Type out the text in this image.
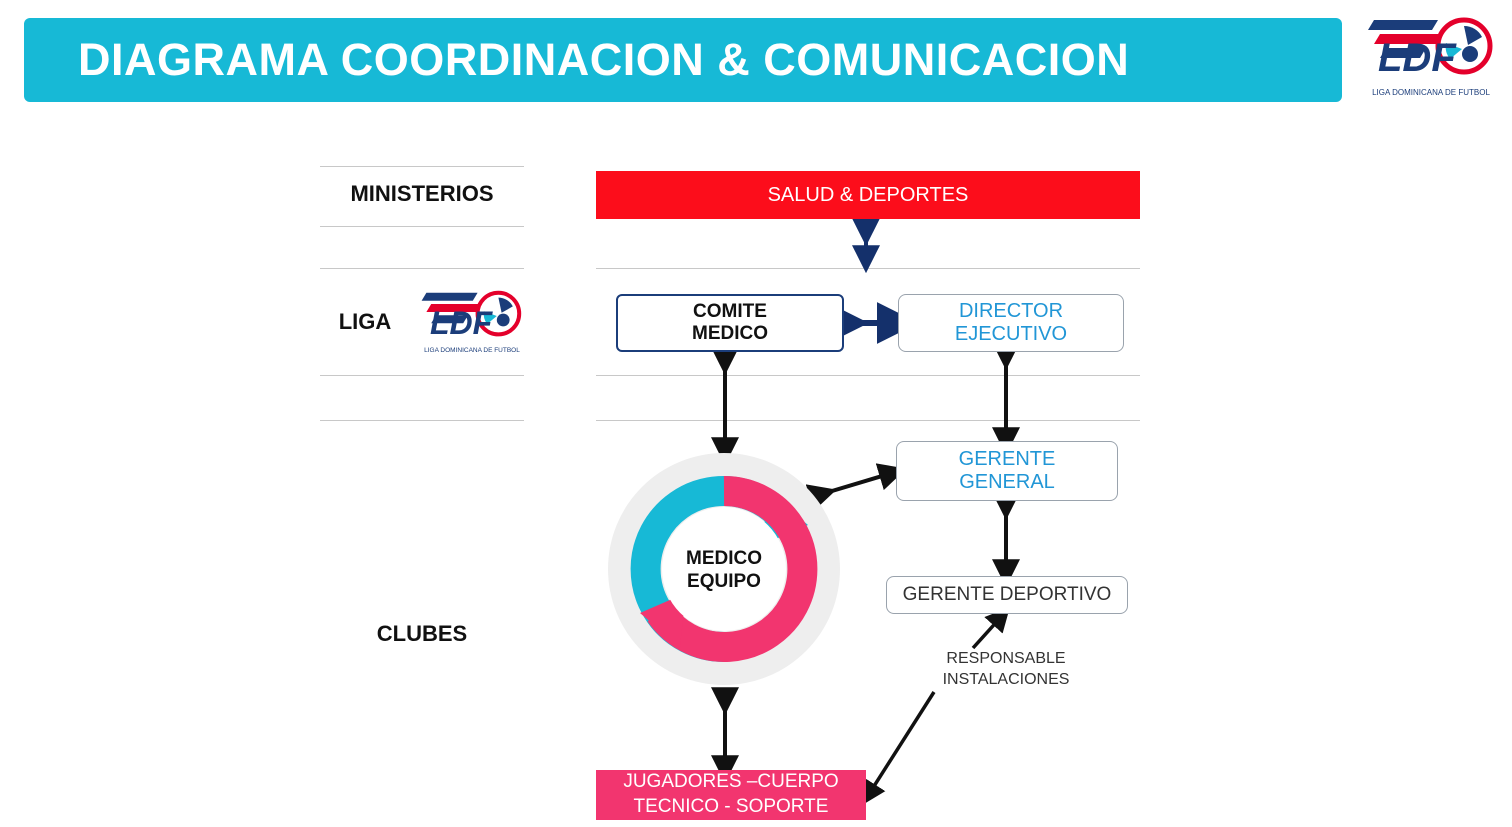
DIAGRAMA COORDINACION & COMUNICACION	LDF
LIGA DOMINICANA DE FUTBOL
MINISTERIOS
LIGA
CLUBES
LDF
LIGA DOMINICANA DE FUTBOL
SALUD & DEPORTES
COMITE
MEDICO
DIRECTOR
EJECUTIVO
GERENTE
GENERAL
GERENTE DEPORTIVO
RESPONSABLE
INSTALACIONES
JUGADORES –CUERPO
TECNICO - SOPORTE
MEDICO
EQUIPO
